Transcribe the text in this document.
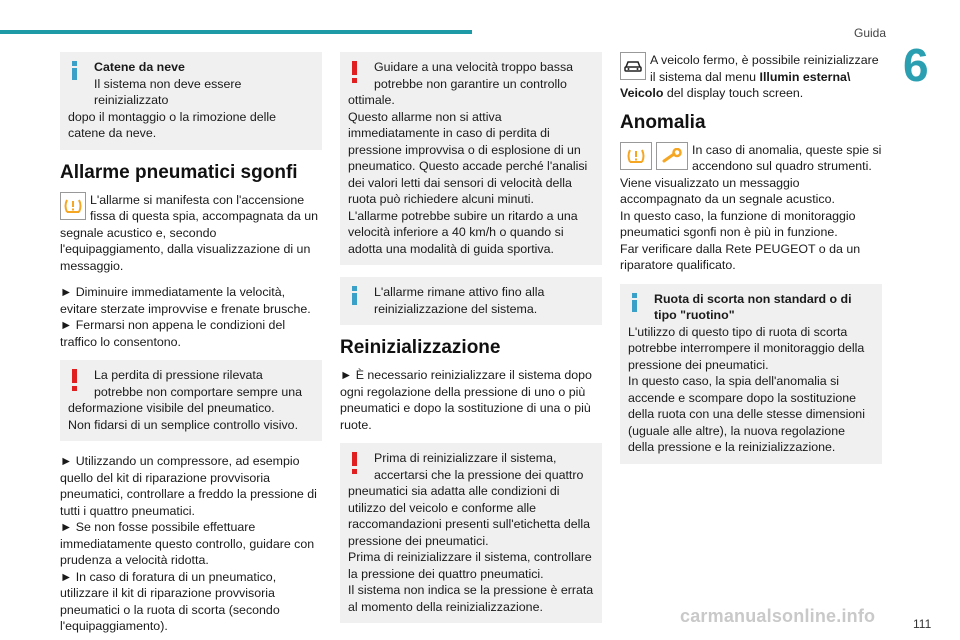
Guida
6
111
carmanualsonline.info

Catene da neve

Il sistema non deve essere reinizializzato

dopo il montaggio o la rimozione delle catene da neve.

Allarme pneumatici sgonfi

L'allarme si manifesta con l'accensione fissa di questa spia, accompagnata da un

segnale acustico e, secondo l'equipaggiamento, dalla visualizzazione di un messaggio.

► Diminuire immediatamente la velocità, evitare sterzate improvvise e frenate brusche.

► Fermarsi non appena le condizioni del traffico lo consentono.

La perdita di pressione rilevata potrebbe non comportare sempre una

deformazione visibile del pneumatico.

Non fidarsi di un semplice controllo visivo.

► Utilizzando un compressore, ad esempio quello del kit di riparazione provvisoria pneumatici, controllare a freddo la pressione di tutti i quattro pneumatici.

► Se non fosse possibile effettuare immediatamente questo controllo, guidare con prudenza a velocità ridotta.

► In caso di foratura di un pneumatico, utilizzare il kit di riparazione provvisoria pneumatici o la ruota di scorta (secondo l'equipaggiamento).

Guidare a una velocità troppo bassa potrebbe non garantire un controllo

ottimale.

Questo allarme non si attiva immediatamente in caso di perdita di pressione improvvisa o di esplosione di un pneumatico. Questo accade perché l'analisi dei valori letti dai sensori di velocità della ruota può richiedere alcuni minuti.

L'allarme potrebbe subire un ritardo a una velocità inferiore a 40 km/h o quando si adotta una modalità di guida sportiva.

L'allarme rimane attivo fino alla reinizializzazione del sistema.

Reinizializzazione

► È necessario reinizializzare il sistema dopo ogni regolazione della pressione di uno o più pneumatici e dopo la sostituzione di una o più ruote.

Prima di reinizializzare il sistema, accertarsi che la pressione dei quattro

pneumatici sia adatta alle condizioni di utilizzo del veicolo e conforme alle raccomandazioni presenti sull'etichetta della pressione dei pneumatici.

Prima di reinizializzare il sistema, controllare la pressione dei quattro pneumatici.

Il sistema non indica se la pressione è errata al momento della reinizializzazione.

A veicolo fermo, è possibile reinizializzare il sistema dal menu Illumin esterna\

Veicolo del display touch screen.

Anomalia

In caso di anomalia, queste spie si accendono sul quadro strumenti.

Viene visualizzato un messaggio accompagnato da un segnale acustico.

In questo caso, la funzione di monitoraggio pneumatici sgonfi non è più in funzione.

Far verificare dalla Rete PEUGEOT o da un riparatore qualificato.

Ruota di scorta non standard o di tipo "ruotino"

L'utilizzo di questo tipo di ruota di scorta potrebbe interrompere il monitoraggio della pressione dei pneumatici.

In questo caso, la spia dell'anomalia si accende e scompare dopo la sostituzione della ruota con una delle stesse dimensioni (uguale alle altre), la nuova regolazione della pressione e la reinizializzazione.
